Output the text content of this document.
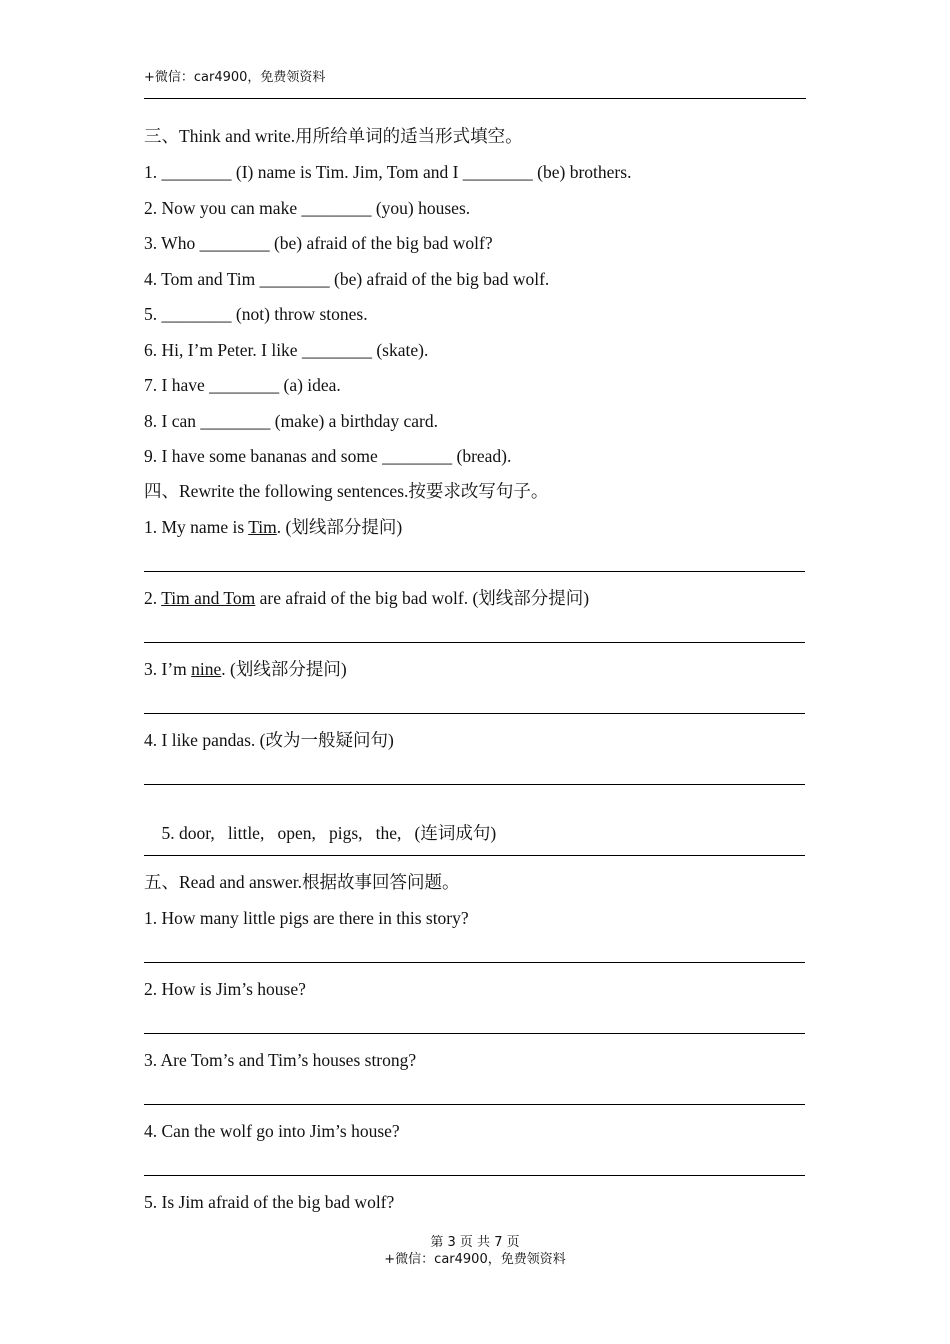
+微信：car4900，免费领资料
三、Think and write.用所给单词的适当形式填空。
1. ________ (I) name is Tim. Jim, Tom and I ________ (be) brothers.
2. Now you can make ________ (you) houses.
3. Who ________ (be) afraid of the big bad wolf?
4. Tom and Tim ________ (be) afraid of the big bad wolf.
5. ________ (not) throw stones.
6. Hi, I’m Peter. I like ________ (skate).
7. I have ________ (a) idea.
8. I can ________ (make) a birthday card.
9. I have some bananas and some ________ (bread).
四、Rewrite the following sentences.按要求改写句子。
1. My name is Tim. (划线部分提问)
2. Tim and Tom are afraid of the big bad wolf. (划线部分提问)
3. I’m nine. (划线部分提问)
4. I like pandas. (改为一般疑问句)

5. door,   little,   open,   pigs,   the,   (连词成句)

五、Read and answer.根据故事回答问题。
1. How many little pigs are there in this story?
2. How is Jim’s house?
3. Are Tom’s and Tim’s houses strong?
4. Can the wolf go into Jim’s house?
5. Is Jim afraid of the big bad wolf?
第 3 页 共 7 页
+微信：car4900，免费领资料
